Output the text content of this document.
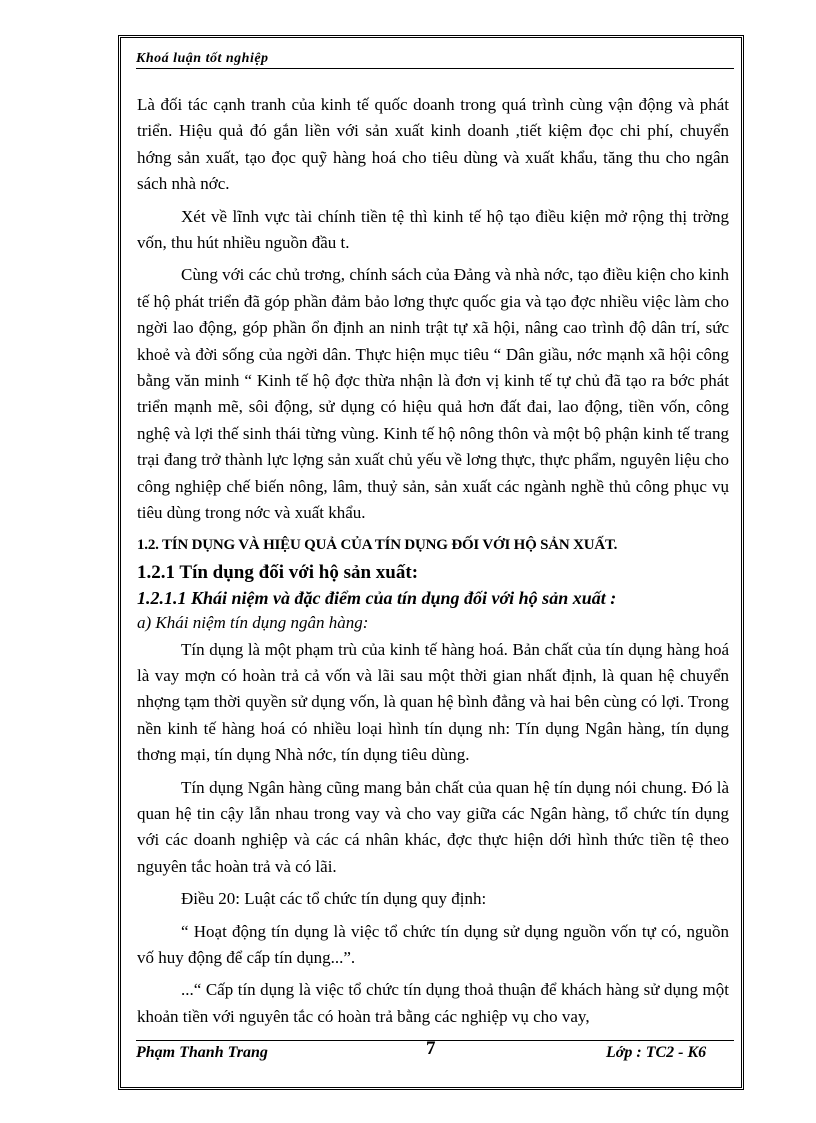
Khoá luận tốt nghiệp

Là đối tác cạnh tranh của kinh tế quốc doanh trong quá trình cùng vận động và phát triển. Hiệu quả đó gắn liền với sản xuất kinh doanh ,tiết kiệm đọc chi phí, chuyển hớng sản xuất, tạo đọc quỹ hàng hoá cho tiêu dùng và xuất khẩu, tăng thu cho ngân sách nhà nớc.

Xét về lĩnh vực tài chính tiền tệ thì kinh tế hộ tạo điều kiện mở rộng thị trờng vốn, thu hút nhiều nguồn đầu t.

Cùng với các chủ trơng, chính sách của Đảng và nhà nớc, tạo điều kiện cho kinh tế hộ phát triển đã góp phần đảm bảo lơng thực quốc gia và tạo đợc nhiều việc làm cho ngời lao động, góp phần ổn định an ninh trật tự xã hội, nâng cao trình độ dân trí, sức khoẻ và đời sống của ngời dân. Thực hiện mục tiêu “ Dân giầu, nớc mạnh xã hội công bằng văn minh “ Kinh tế hộ đợc thừa nhận là đơn vị kinh tế tự chủ đã tạo ra bớc phát triển mạnh mẽ, sôi động, sử dụng có hiệu quả hơn đất đai, lao động, tiền vốn, công nghệ và lợi thế sinh thái từng vùng. Kinh tế hộ nông thôn và một bộ phận kinh tế trang trại đang trở thành lực lợng sản xuất chủ yếu về lơng thực, thực phẩm, nguyên liệu cho công nghiệp chế biến nông, lâm, thuỷ sản, sản xuất các ngành nghề thủ công phục vụ tiêu dùng trong nớc và xuất khẩu.

1.2. TÍN DỤNG VÀ HIỆU QUẢ CỦA TÍN DỤNG ĐỐI VỚI HỘ SẢN XUẤT.
1.2.1 Tín dụng đối với hộ sản xuất:
1.2.1.1 Khái niệm và đặc điểm của tín dụng đối với hộ sản xuất :
a) Khái niệm tín dụng ngân hàng:

Tín dụng là một phạm trù của kinh tế hàng hoá. Bản chất của tín dụng hàng hoá là vay mợn có hoàn trả cả vốn và lãi sau một thời gian nhất định, là quan hệ chuyển nhợng tạm thời quyền sử dụng vốn, là quan hệ bình đẳng và hai bên cùng có lợi. Trong nền kinh tế hàng hoá có nhiều loại hình tín dụng nh: Tín dụng Ngân hàng, tín dụng thơng mại, tín dụng Nhà nớc, tín dụng tiêu dùng.

Tín dụng Ngân hàng cũng mang bản chất của quan hệ tín dụng nói chung. Đó là quan hệ tin cậy lẫn nhau trong vay và cho vay giữa các Ngân hàng, tổ chức tín dụng với các doanh nghiệp và các cá nhân khác, đợc thực hiện dới hình thức tiền tệ theo nguyên tắc hoàn trả và có lãi.

Điều 20: Luật các tổ chức tín dụng quy định:

“ Hoạt động tín dụng là việc tổ chức tín dụng sử dụng nguồn vốn tự có, nguồn vố huy động để cấp tín dụng...”.

...“ Cấp tín dụng là việc tổ chức tín dụng thoả thuận để khách hàng sử dụng một khoản tiền với nguyên tắc có hoàn trả bằng các nghiệp vụ cho vay,

Phạm Thanh Trang	7	Lớp : TC2 - K6
